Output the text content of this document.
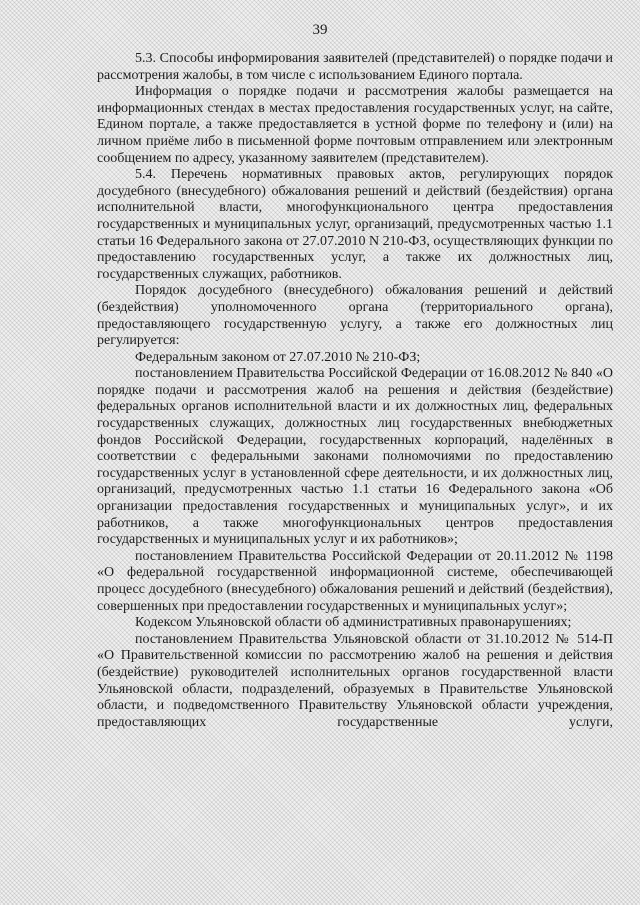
39

5.3. Способы информирования заявителей (представителей) о порядке подачи и рассмотрения жалобы, в том числе с использованием Единого портала.

Информация о порядке подачи и рассмотрения жалобы размещается на информационных стендах в местах предоставления государственных услуг, на сайте, Едином портале, а также предоставляется в устной форме по телефону и (или) на личном приёме либо в письменной форме почтовым отправлением или электронным сообщением по адресу, указанному заявителем (представителем).

5.4. Перечень нормативных правовых актов, регулирующих порядок досудебного (внесудебного) обжалования решений и действий (бездействия) органа исполнительной власти, многофункционального центра предоставления государственных и муниципальных услуг, организаций, предусмотренных частью 1.1 статьи 16 Федерального закона от 27.07.2010 N 210-ФЗ, осуществляющих функции по предоставлению государственных услуг, а также их должностных лиц, государственных служащих, работников.

Порядок досудебного (внесудебного) обжалования решений и действий (бездействия) уполномоченного органа (территориального органа), предоставляющего государственную услугу, а также его должностных лиц регулируется:

Федеральным законом от 27.07.2010 № 210-ФЗ;

постановлением Правительства Российской Федерации от 16.08.2012 № 840 «О порядке подачи и рассмотрения жалоб на решения и действия (бездействие) федеральных органов исполнительной власти и их должностных лиц, федеральных государственных служащих, должностных лиц государственных внебюджетных фондов Российской Федерации, государственных корпораций, наделённых в соответствии с федеральными законами полномочиями по предоставлению государственных услуг в установленной сфере деятельности, и их должностных лиц, организаций, предусмотренных частью 1.1 статьи 16 Федерального закона «Об организации предоставления государственных и муниципальных услуг», и их работников, а также многофункциональных центров предоставления государственных и муниципальных услуг и их работников»;

постановлением Правительства Российской Федерации от 20.11.2012 № 1198 «О федеральной государственной информационной системе, обеспечивающей процесс досудебного (внесудебного) обжалования решений и действий (бездействия), совершенных при предоставлении государственных и муниципальных услуг»;

Кодексом Ульяновской области об административных правонарушениях;

постановлением Правительства Ульяновской области от 31.10.2012 № 514-П «О Правительственной комиссии по рассмотрению жалоб на решения и действия (бездействие) руководителей исполнительных органов государственной власти Ульяновской области, подразделений, образуемых в Правительстве Ульяновской области, и подведомственного Правительству Ульяновской области учреждения, предоставляющих государственные услуги,
